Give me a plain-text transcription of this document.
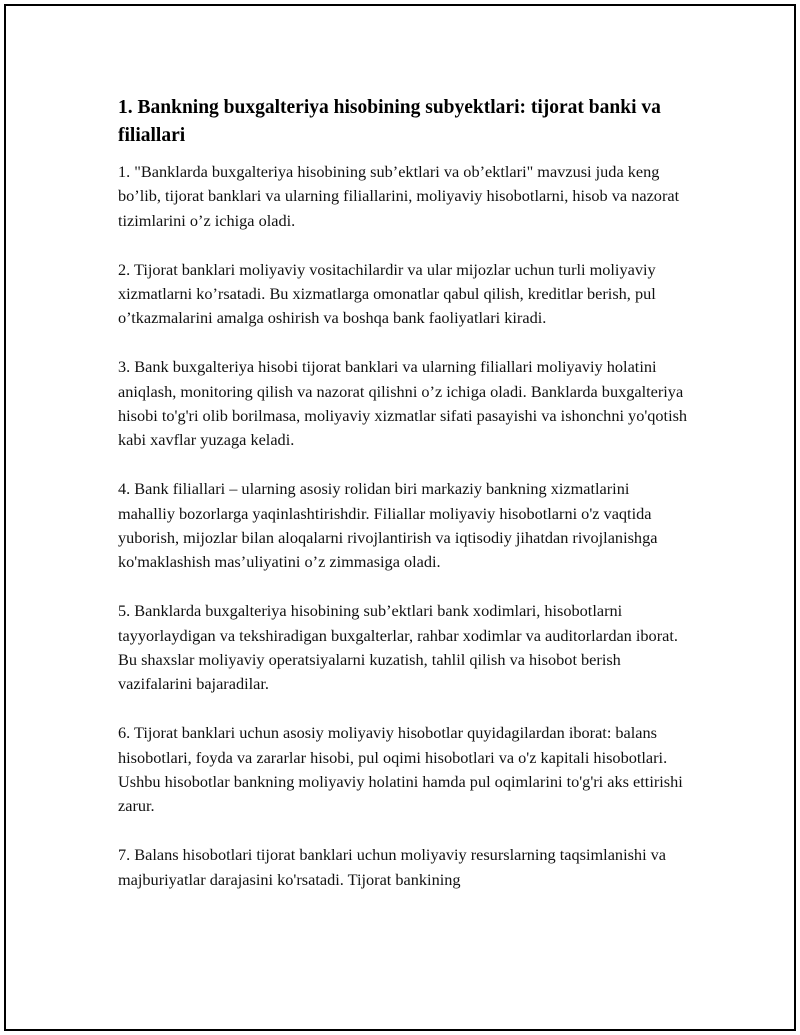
1. Bankning buxgalteriya hisobining subyektlari: tijorat banki va filiallari

1. "Banklarda buxgalteriya hisobining sub’ektlari va ob’ektlari" mavzusi juda keng bo’lib, tijorat banklari va ularning filiallarini, moliyaviy hisobotlarni, hisob va nazorat tizimlarini o’z ichiga oladi.

2. Tijorat banklari moliyaviy vositachilardir va ular mijozlar uchun turli moliyaviy xizmatlarni ko’rsatadi. Bu xizmatlarga omonatlar qabul qilish, kreditlar berish, pul o’tkazmalarini amalga oshirish va boshqa bank faoliyatlari kiradi.

3. Bank buxgalteriya hisobi tijorat banklari va ularning filiallari moliyaviy holatini aniqlash, monitoring qilish va nazorat qilishni o’z ichiga oladi. Banklarda buxgalteriya hisobi to'g'ri olib borilmasa, moliyaviy xizmatlar sifati pasayishi va ishonchni yo'qotish kabi xavflar yuzaga keladi.

4. Bank filiallari – ularning asosiy rolidan biri markaziy bankning xizmatlarini mahalliy bozorlarga yaqinlashtirishdir. Filiallar moliyaviy hisobotlarni o'z vaqtida yuborish, mijozlar bilan aloqalarni rivojlantirish va iqtisodiy jihatdan rivojlanishga ko'maklashish mas’uliyatini o’z zimmasiga oladi.

5. Banklarda buxgalteriya hisobining sub’ektlari bank xodimlari, hisobotlarni tayyorlaydigan va tekshiradigan buxgalterlar, rahbar xodimlar va auditorlardan iborat. Bu shaxslar moliyaviy operatsiyalarni kuzatish, tahlil qilish va hisobot berish vazifalarini bajaradilar.

6. Tijorat banklari uchun asosiy moliyaviy hisobotlar quyidagilardan iborat: balans hisobotlari, foyda va zararlar hisobi, pul oqimi hisobotlari va o'z kapitali hisobotlari. Ushbu hisobotlar bankning moliyaviy holatini hamda pul oqimlarini to'g'ri aks ettirishi zarur.

7. Balans hisobotlari tijorat banklari uchun moliyaviy resurslarning taqsimlanishi va majburiyatlar darajasini ko'rsatadi. Tijorat bankining
